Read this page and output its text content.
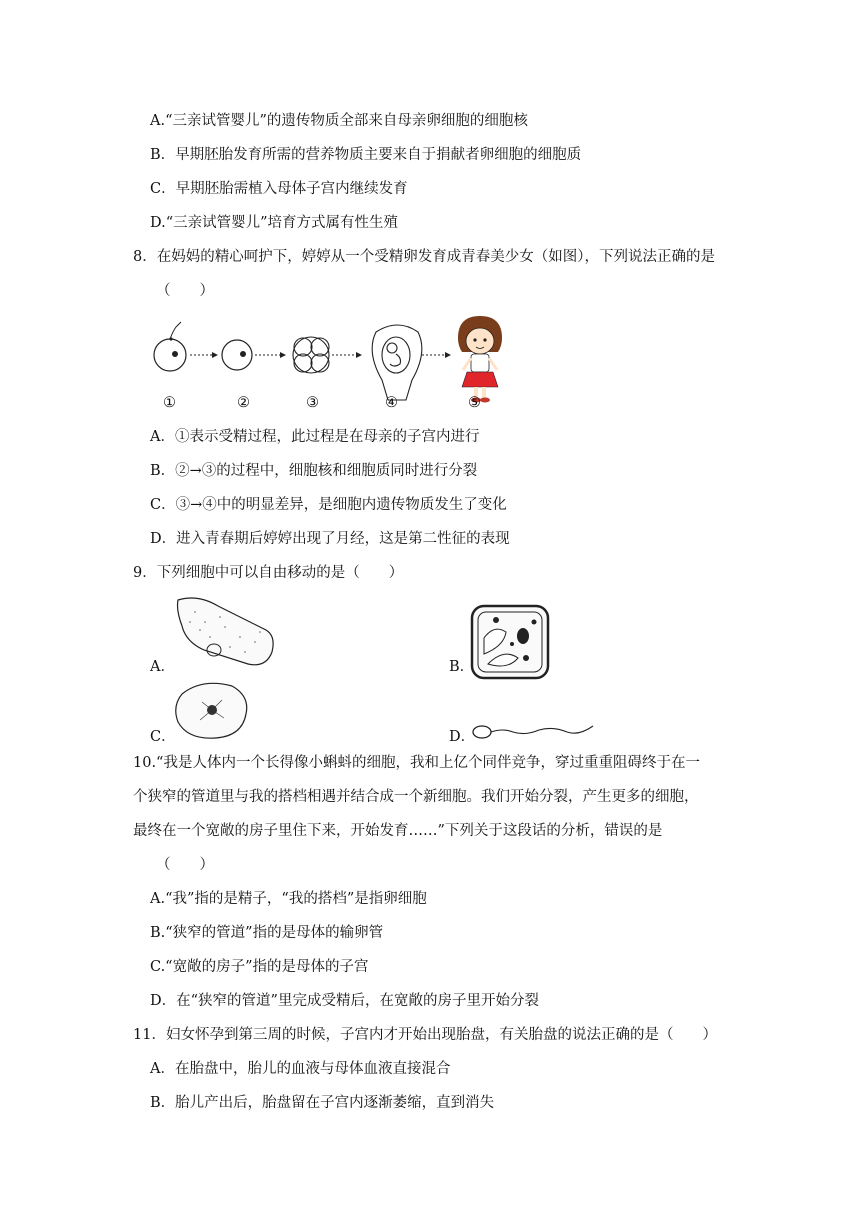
A.“三亲试管婴儿”的遗传物质全部来自母亲卵细胞的细胞核
B．早期胚胎发育所需的营养物质主要来自于捐献者卵细胞的细胞质
C．早期胚胎需植入母体子宫内继续发育
D.“三亲试管婴儿”培育方式属有性生殖
8．在妈妈的精心呵护下，婷婷从一个受精卵发育成青春美少女（如图），下列说法正确的是
（　　）
①	②	③	④	⑤
A．①表示受精过程，此过程是在母亲的子宫内进行
B．②→③的过程中，细胞核和细胞质同时进行分裂
C．③→④中的明显差异，是细胞内遗传物质发生了变化
D．进入青春期后婷婷出现了月经，这是第二性征的表现
9．下列细胞中可以自由移动的是（　　）
A．	B．
C．	D．
10.“我是人体内一个长得像小蝌蚪的细胞，我和上亿个同伴竞争，穿过重重阻碍终于在一
个狭窄的管道里与我的搭档相遇并结合成一个新细胞。我们开始分裂，产生更多的细胞，
最终在一个宽敞的房子里住下来，开始发育……”下列关于这段话的分析，错误的是
（　　）
A.“我”指的是精子，“我的搭档”是指卵细胞
B.“狭窄的管道”指的是母体的输卵管
C.“宽敞的房子”指的是母体的子宫
D．在“狭窄的管道”里完成受精后，在宽敞的房子里开始分裂
11．妇女怀孕到第三周的时候，子宫内才开始出现胎盘，有关胎盘的说法正确的是（　　）
A．在胎盘中，胎儿的血液与母体血液直接混合
B．胎儿产出后，胎盘留在子宫内逐渐萎缩，直到消失
